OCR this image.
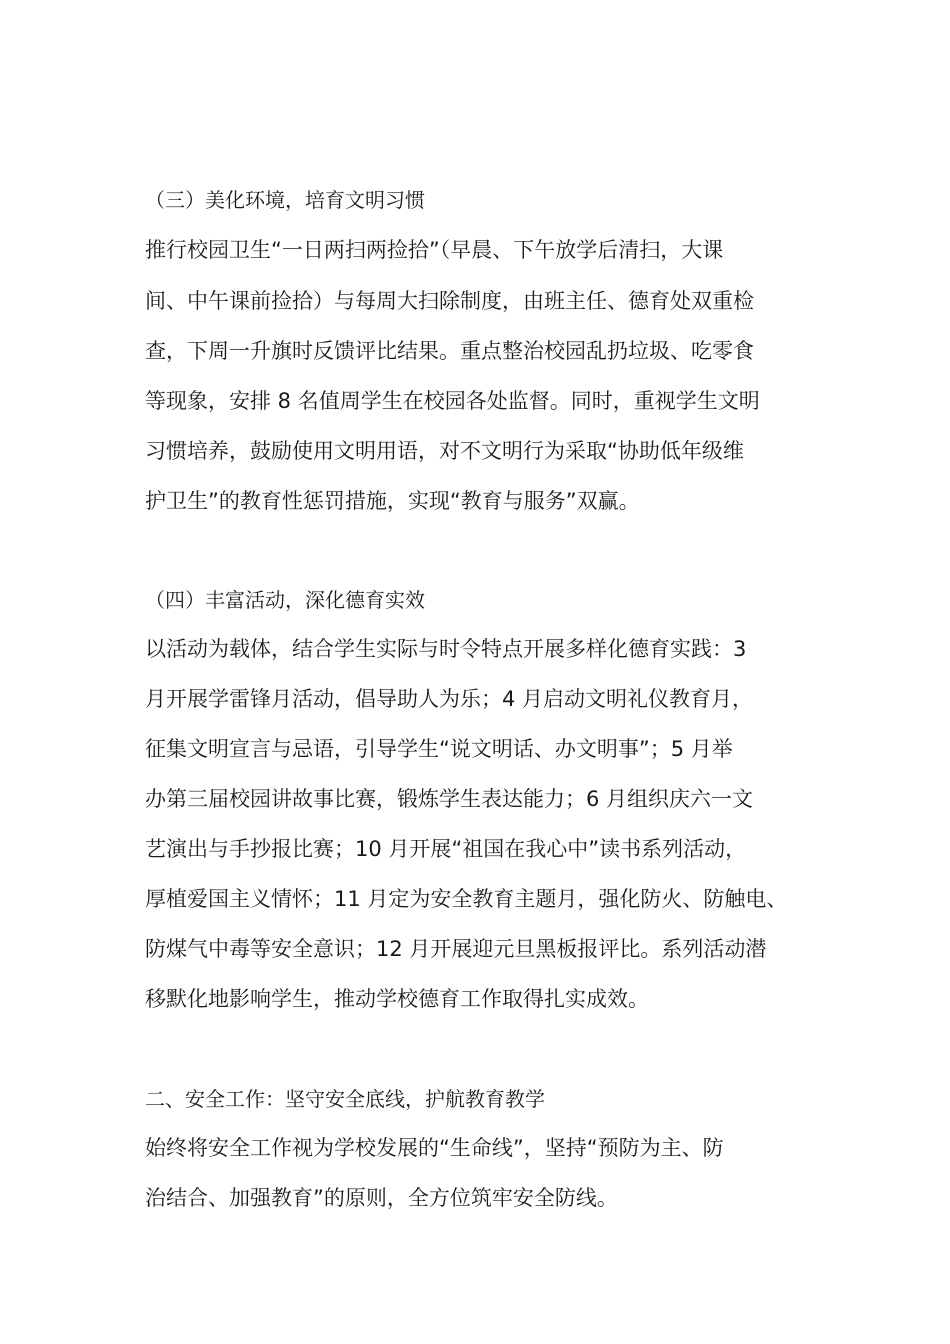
（三）美化环境，培育文明习惯
推行校园卫生“一日两扫两捡拾”（早晨、下午放学后清扫，大课
间、中午课前捡拾）与每周大扫除制度，由班主任、德育处双重检
查，下周一升旗时反馈评比结果。重点整治校园乱扔垃圾、吃零食
等现象，安排 8 名值周学生在校园各处监督。同时，重视学生文明
习惯培养，鼓励使用文明用语，对不文明行为采取“协助低年级维
护卫生”的教育性惩罚措施，实现“教育与服务”双赢。
（四）丰富活动，深化德育实效
以活动为载体，结合学生实际与时令特点开展多样化德育实践：3
月开展学雷锋月活动，倡导助人为乐；4 月启动文明礼仪教育月，
征集文明宣言与忌语，引导学生“说文明话、办文明事”；5 月举
办第三届校园讲故事比赛，锻炼学生表达能力；6 月组织庆六一文
艺演出与手抄报比赛；10 月开展“祖国在我心中”读书系列活动，
厚植爱国主义情怀；11 月定为安全教育主题月，强化防火、防触电、
防煤气中毒等安全意识；12 月开展迎元旦黑板报评比。系列活动潜
移默化地影响学生，推动学校德育工作取得扎实成效。
二、安全工作：坚守安全底线，护航教育教学
始终将安全工作视为学校发展的“生命线”，坚持“预防为主、防
治结合、加强教育”的原则，全方位筑牢安全防线。
